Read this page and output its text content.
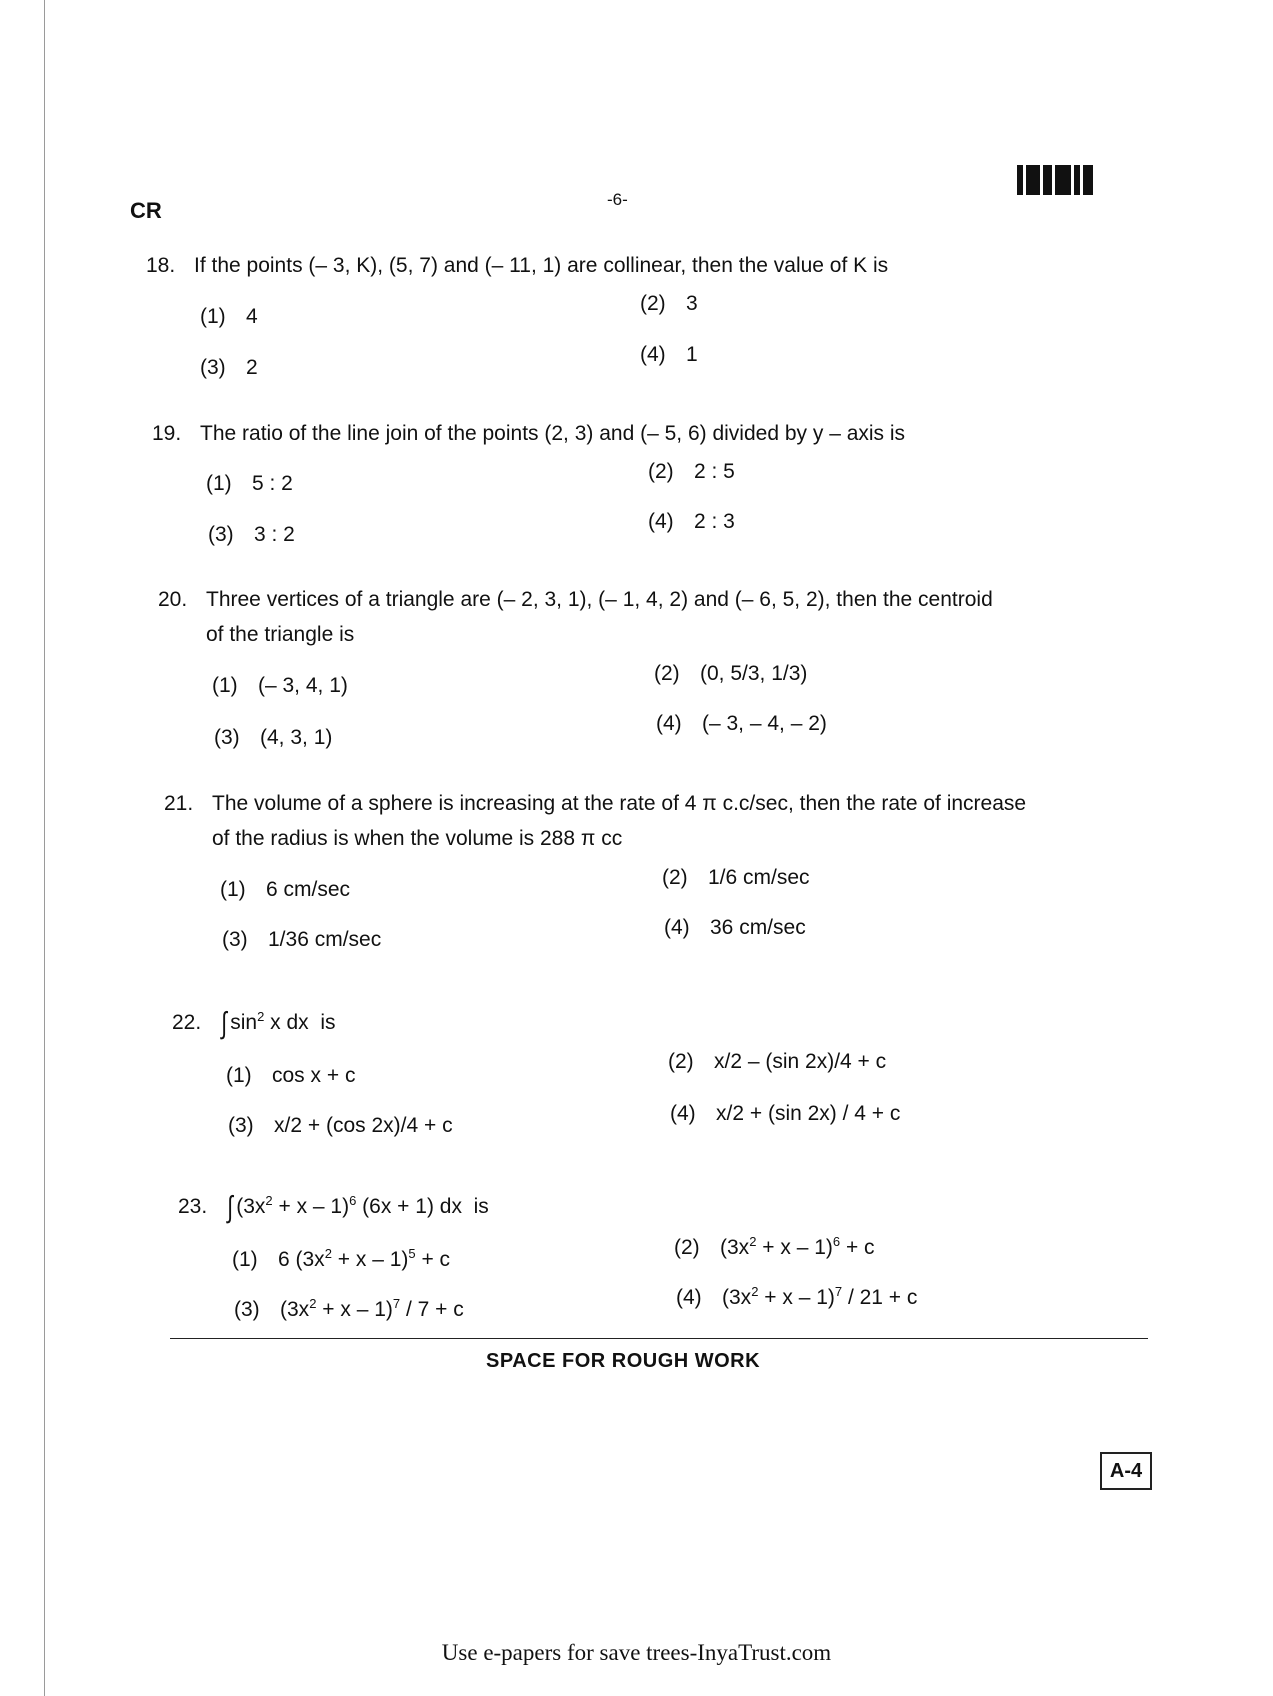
CR	-6-
18. If the points (– 3, K), (5, 7) and (– 11, 1) are collinear, then the value of K is
(1) 4
(2) 3
(3) 2
(4) 1
19. The ratio of the line join of the points (2, 3) and (– 5, 6) divided by y – axis is
(1) 5 : 2
(2) 2 : 5
(3) 3 : 2
(4) 2 : 3
20. Three vertices of a triangle are (– 2, 3, 1), (– 1, 4, 2) and (– 6, 5, 2), then the centroid
of the triangle is
(1) (– 3, 4, 1)
(2) (0, 5/3, 1/3)
(3) (4, 3, 1)
(4) (– 3, – 4, – 2)
21. The volume of a sphere is increasing at the rate of 4 π c.c/sec, then the rate of increase
of the radius is when the volume is 288 π cc
(1) 6 cm/sec
(2) 1/6 cm/sec
(3) 1/36 cm/sec
(4) 36 cm/sec
22. ∫ $\sin^2 x$ dx  is
(1) cos x + c
(2) x/2 – (sin 2x)/4 + c
(3) x/2 + (cos 2x)/4 + c
(4) x/2 + (sin 2x) / 4 + c
23. ∫ $(3x^2 + x - 1)^6$ (6x + 1) dx  is
(1) 6 $(3x^2 + x - 1)^5 + c$
(2) $(3x^2 + x - 1)^6 + c$
(3) $(3x^2 + x - 1)^7 / 7 + c$
(4) $(3x^2 + x - 1)^7 / 21 + c$
SPACE FOR ROUGH WORK
A-4
Use e-papers for save trees-InyaTrust.com
